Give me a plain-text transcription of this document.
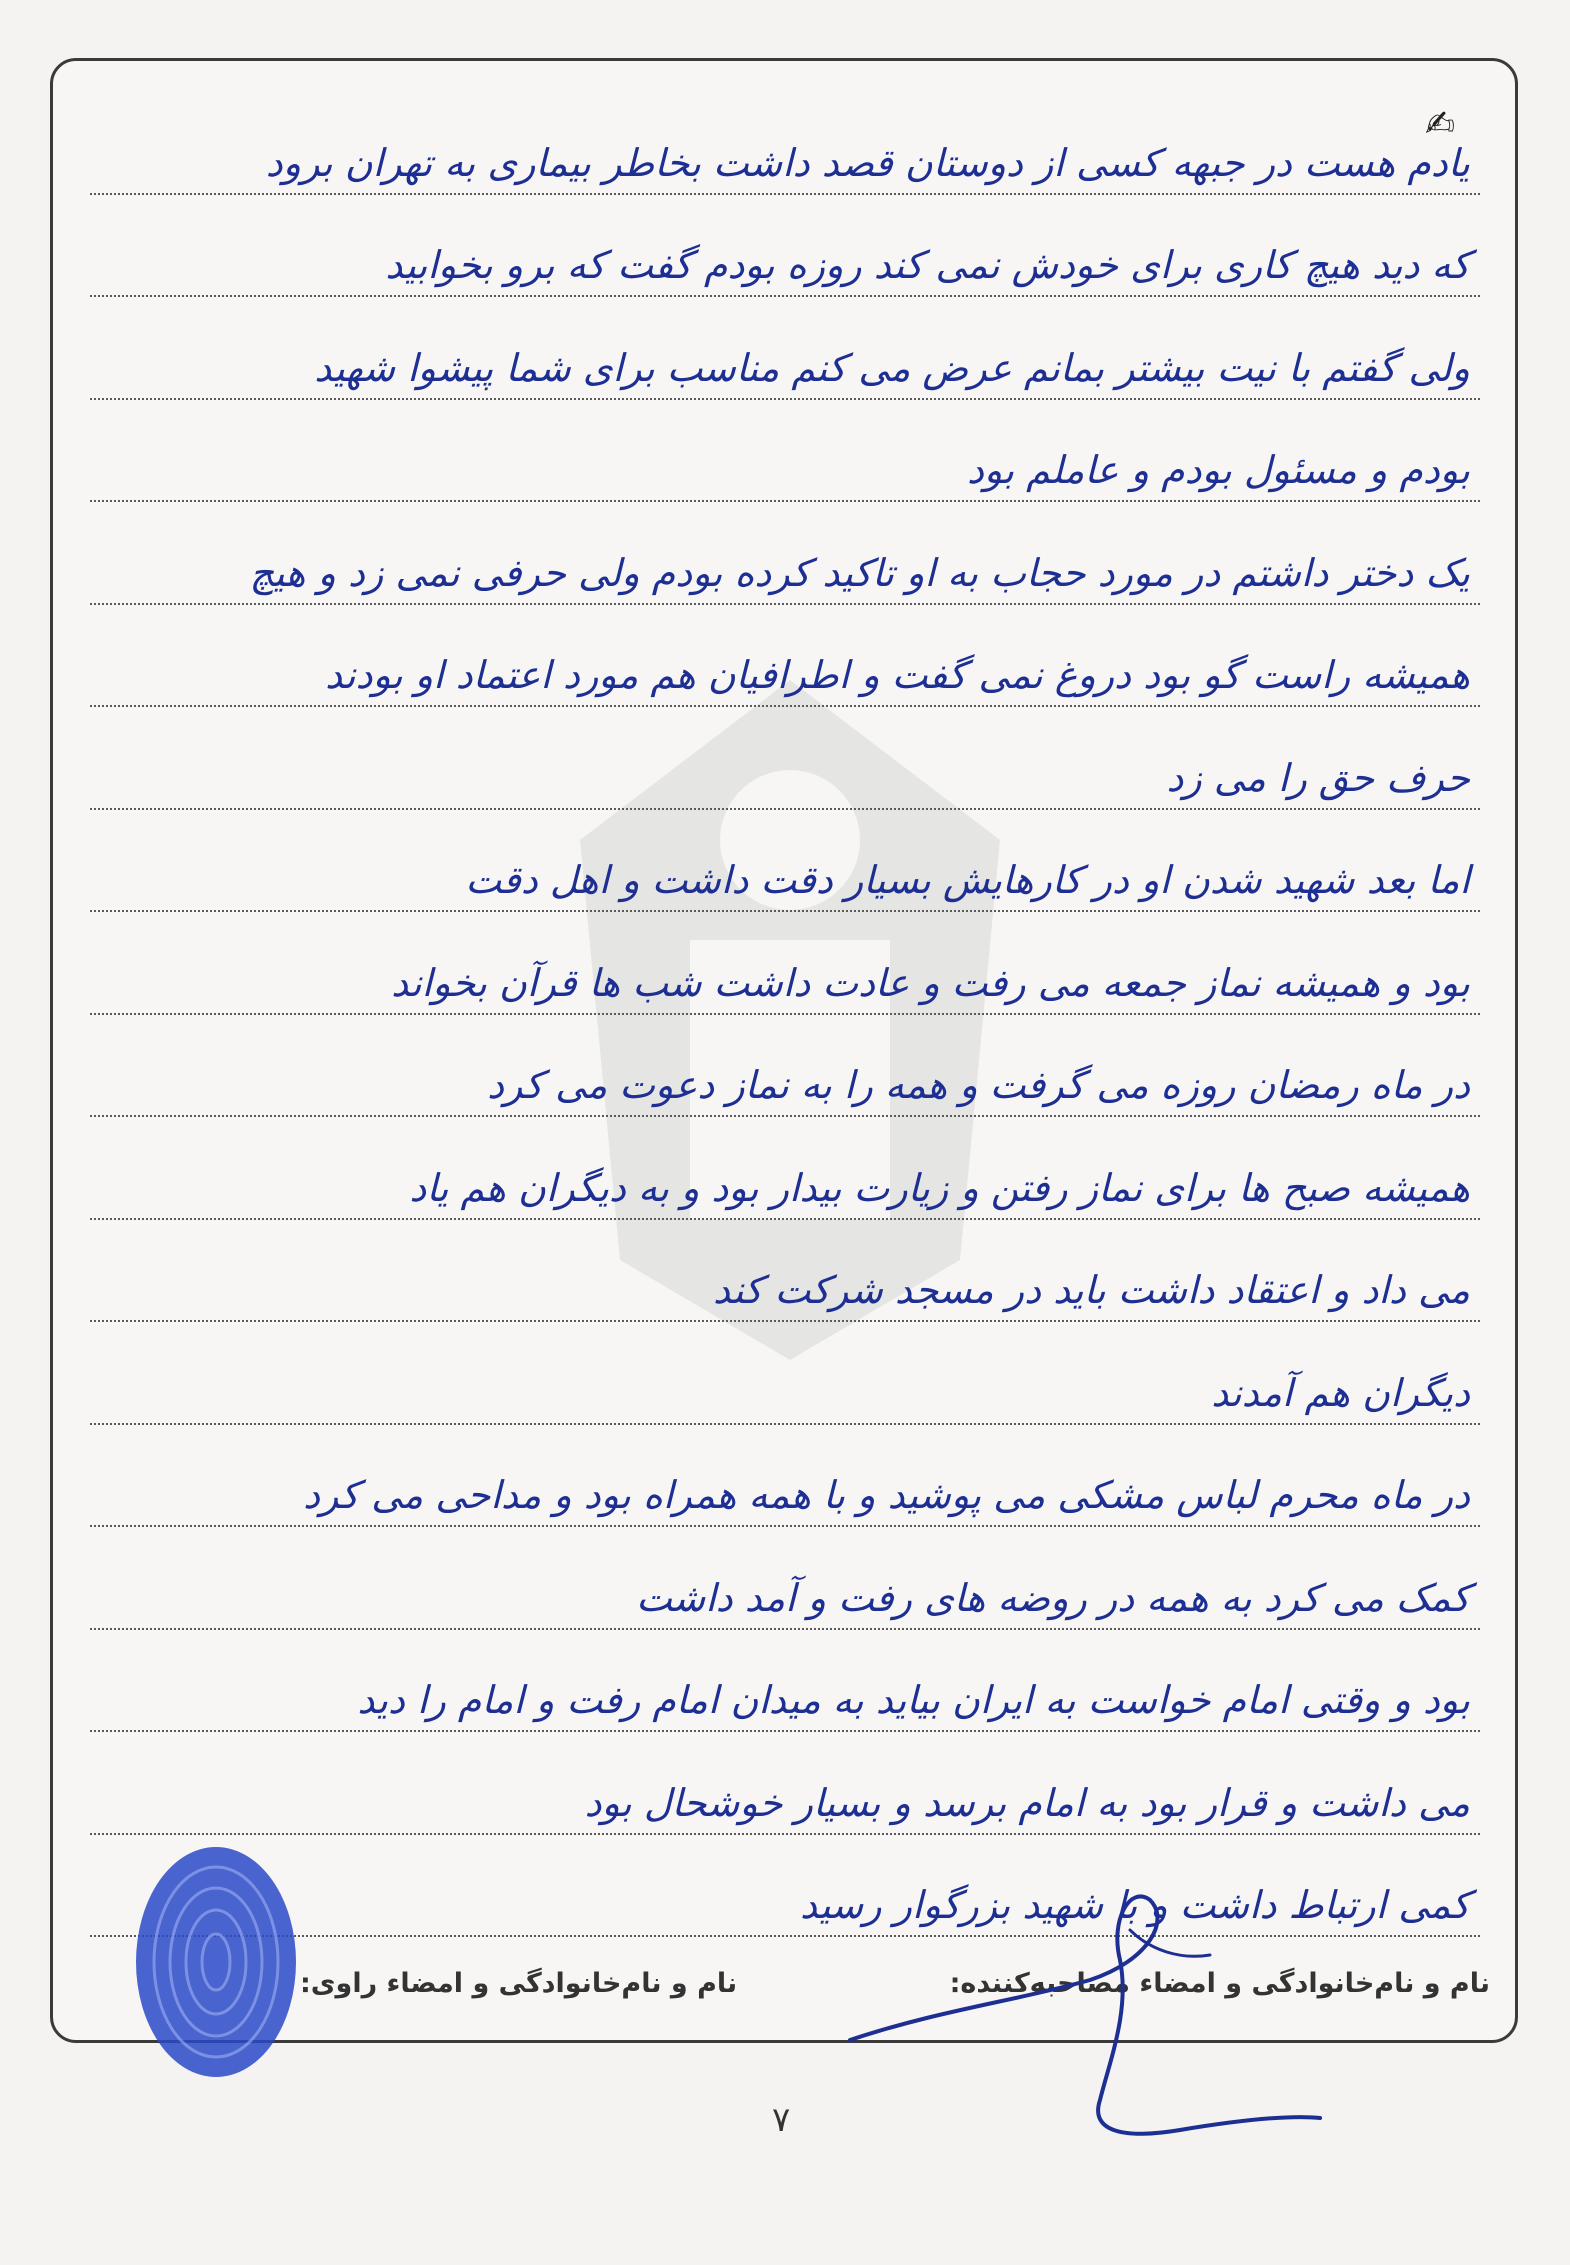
✍
یادم هست در جبهه کسی از دوستان قصد داشت بخاطر بیماری به تهران برود
که دید هیچ کاری برای خودش نمی کند روزه بودم گفت که برو بخوابید
ولی گفتم با نیت بیشتر بمانم عرض می کنم مناسب برای شما پیشوا شهید
بودم و مسئول بودم و عاملم بود
یک دختر داشتم در مورد حجاب به او تاکید کرده بودم ولی حرفی نمی زد و هیچ
همیشه راست گو بود دروغ نمی گفت و اطرافیان هم مورد اعتماد او بودند
حرف حق را می زد
اما بعد شهید شدن او در کارهایش بسیار دقت داشت و اهل دقت
بود و همیشه نماز جمعه می رفت و عادت داشت شب ها قرآن بخواند
در ماه رمضان روزه می گرفت و همه را به نماز دعوت می کرد
همیشه صبح ها برای نماز رفتن و زیارت بیدار بود و به دیگران هم یاد
می داد و اعتقاد داشت باید در مسجد شرکت کند
دیگران هم آمدند
در ماه محرم لباس مشکی می پوشید و با همه همراه بود و مداحی می کرد
کمک می کرد به همه در روضه های رفت و آمد داشت
بود و وقتی امام خواست به ایران بیاید به میدان امام رفت و امام را دید
می داشت و قرار بود به امام برسد و بسیار خوشحال بود
کمی ارتباط داشت و با شهید بزرگوار رسید
نام و نام‌خانوادگی و امضاء مصاحبه‌کننده:
نام و نام‌خانوادگی و امضاء راوی:
۷
